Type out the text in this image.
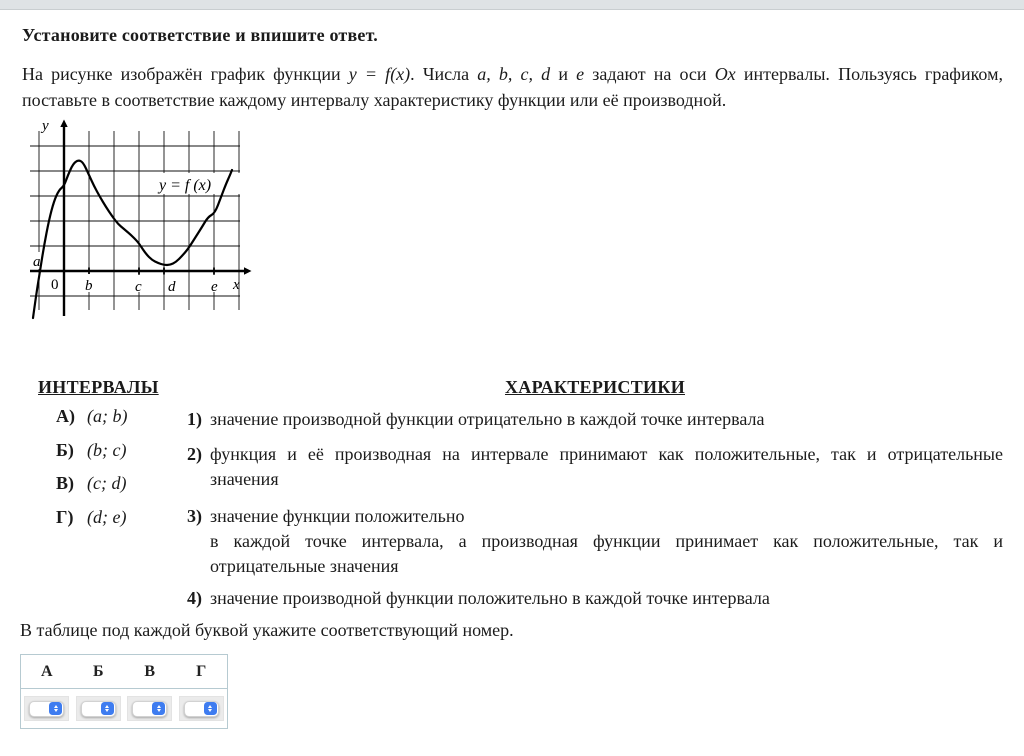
Установите соответствие и впишите ответ.
На рисунке изображён график функции y = f(x). Числа a, b, c, d и e задают на оси Ox интервалы. Пользуясь графиком,
поставьте в соответствие каждому интервалу характеристику функции или её производной.
y
x
0
a
b	c d e
y = f (x)
ИНТЕРВАЛЫ	ХАРАКТЕРИСТИКИ
А) (a; b)
Б) (b; c)
В) (c; d)
Г) (d; e)
1) значение производной функции отрицательно в каждой точке интервала
2) функция и её производная на интервале принимают как положительные, так и отрицательные
значения
3) значение функции положительно
в каждой точке интервала, а производная функции принимает как положительные, так и
отрицательные значения
4) значение производной функции положительно в каждой точке интервала
В таблице под каждой буквой укажите соответствующий номер.
А	Б	В	Г
